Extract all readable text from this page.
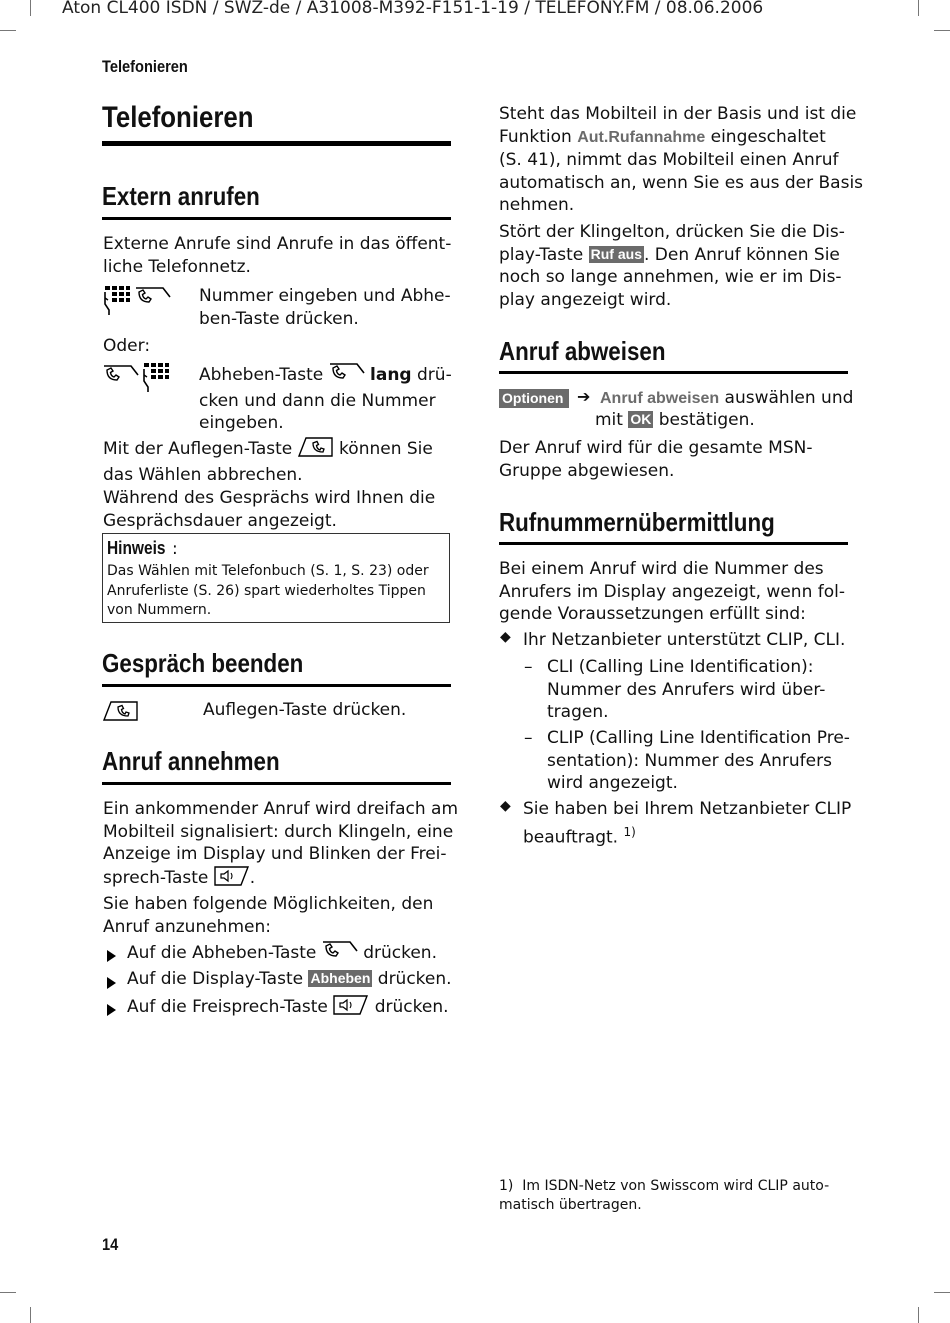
Aton CL400 ISDN / SWZ-de / A31008-M392-F151-1-19 / TELEFONY.FM / 08.06.2006
Telefonieren
Telefonieren
Extern anrufen

Externe Anrufe sind Anrufe in das öffent-

liche Telefonnetz.

Nummer eingeben und Abhe-

ben-Taste drücken.

Oder:

Abheben-Taste  lang drü-

cken und dann die Nummer

eingeben.

Mit der Auflegen-Taste  können Sie

das Wählen abbrechen.

Während des Gesprächs wird Ihnen die

Gesprächsdauer angezeigt.

Hinweis :

Das Wählen mit Telefonbuch (S. 1, S. 23) oder

Anruferliste (S. 26) spart wiederholtes Tippen

von Nummern.

Gespräch beenden
Auflegen-Taste drücken.
Anruf annehmen

Ein ankommender Anruf wird dreifach am

Mobilteil signalisiert: durch Klingeln, eine

Anzeige im Display und Blinken der Frei-

sprech-Taste .

Sie haben folgende Möglichkeiten, den

Anruf anzunehmen:

Auf die Abheben-Taste  drücken.
Auf die Display-Taste Abheben drücken.
Auf die Freisprech-Taste  drücken.

Steht das Mobilteil in der Basis und ist die

Funktion Aut.Rufannahme eingeschaltet

(S. 41), nimmt das Mobilteil einen Anruf

automatisch an, wenn Sie es aus der Basis

nehmen.

Stört der Klingelton, drücken Sie die Dis-

play-Taste Ruf aus . Den Anruf können Sie

noch so lange annehmen, wie er im Dis-

play angezeigt wird.

Anruf abweisen
Optionen ➔ Anruf abweisen auswählen und

mit OK bestätigen.

Der Anruf wird für die gesamte MSN-

Gruppe abgewiesen.

Rufnummernübermittlung

Bei einem Anruf wird die Nummer des

Anrufers im Display angezeigt, wenn fol-

gende Voraussetzungen erfüllt sind:

◆ Ihr Netzanbieter unterstützt CLIP, CLI.
– CLI (Calling Line Identification):

Nummer des Anrufers wird über-

tragen.

– CLIP (Calling Line Identification Pre-

sentation): Nummer des Anrufers

wird angezeigt.

◆ Sie haben bei Ihrem Netzanbieter CLIP

beauftragt. $^{1)}$

1) Im ISDN-Netz von Swisscom wird CLIP auto-

matisch übertragen.

14
